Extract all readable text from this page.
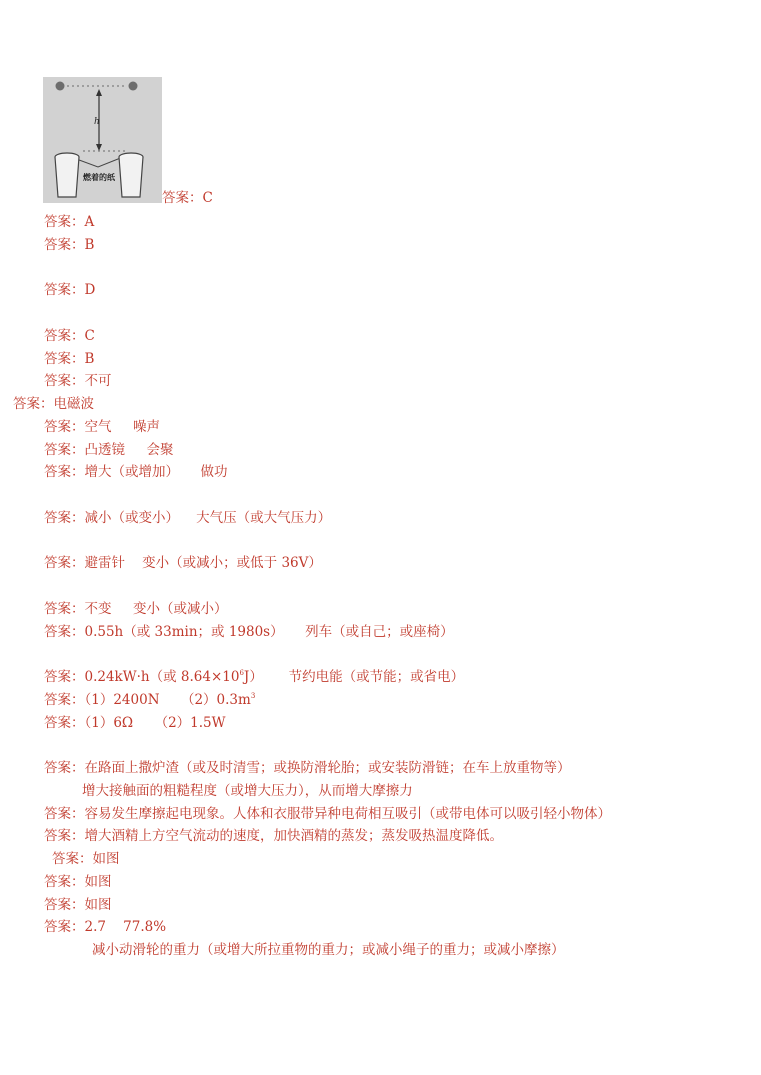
h
燃着的纸
答案：C
答案：A
答案：B
答案：D
答案：C
答案：B
答案：不可
答案：电磁波
答案：空气     噪声
答案：凸透镜     会聚
答案：增大（或增加）     做功
答案：减小（或变小）    大气压（或大气压力）
答案：避雷针    变小（或减小；或低于 36V）
答案：不变     变小（或减小）
答案：0.55h（或 33min；或 1980s）     列车（或自己；或座椅）
答案：0.24kW·h（或 $8.64\times 10^6J$）      节约电能（或节能；或省电）
答案：（1）2400N     $(2)0.3m^3$
答案：（1）6Ω     （2）1.5W
答案：在路面上撒炉渣（或及时清雪；或换防滑轮胎；或安装防滑链；在车上放重物等）
增大接触面的粗糙程度（或增大压力），从而增大摩擦力
答案：容易发生摩擦起电现象。人体和衣服带异种电荷相互吸引（或带电体可以吸引轻小物体）
答案：增大酒精上方空气流动的速度，加快酒精的蒸发；蒸发吸热温度降低。
答案：如图
答案：如图
答案：如图
答案：2.7    77.8%
减小动滑轮的重力（或增大所拉重物的重力；或减小绳子的重力；或减小摩擦）
